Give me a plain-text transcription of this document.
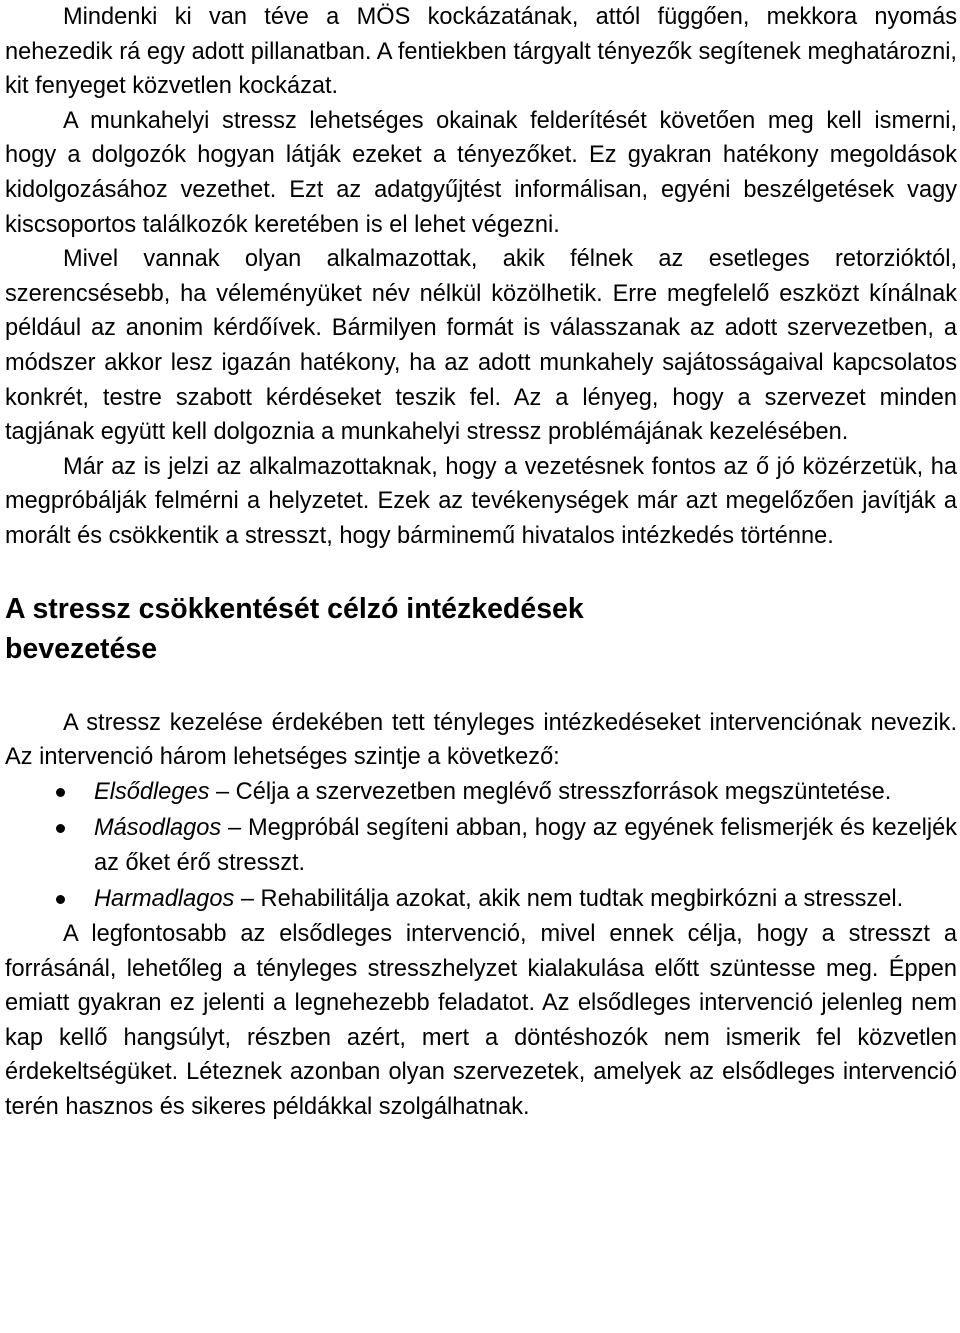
Mindenki ki van téve a MÖS kockázatának, attól függően, mekkora nyomás nehezedik rá egy adott pillanatban. A fentiekben tárgyalt tényezők segítenek meghatározni, kit fenyeget közvetlen kockázat.

A munkahelyi stressz lehetséges okainak felderítését követően meg kell ismerni, hogy a dolgozók hogyan látják ezeket a tényezőket. Ez gyakran hatékony megoldások kidolgozásához vezethet. Ezt az adatgyűjtést informálisan, egyéni beszélgetések vagy kiscsoportos találkozók keretében is el lehet végezni.

Mivel vannak olyan alkalmazottak, akik félnek az esetleges retorzióktól, szerencsésebb, ha véleményüket név nélkül közölhetik. Erre megfelelő eszközt kínálnak például az anonim kérdőívek. Bármilyen formát is válasszanak az adott szervezetben, a módszer akkor lesz igazán hatékony, ha az adott munkahely sajátosságaival kapcsolatos konkrét, testre szabott kérdéseket teszik fel. Az a lényeg, hogy a szervezet minden tagjának együtt kell dolgoznia a munkahelyi stressz problémájának kezelésében.

Már az is jelzi az alkalmazottaknak, hogy a vezetésnek fontos az ő jó közérzetük, ha megpróbálják felmérni a helyzetet. Ezek az tevékenységek már azt megelőzően javítják a morált és csökkentik a stresszt, hogy bárminemű hivatalos intézkedés történne.

A stressz csökkentését célzó intézkedések bevezetése

A stressz kezelése érdekében tett tényleges intézkedéseket intervenciónak nevezik. Az intervenció három lehetséges szintje a következő:

Elsődleges – Célja a szervezetben meglévő stresszforrások megszüntetése.
Másodlagos – Megpróbál segíteni abban, hogy az egyének felismerjék és kezeljék az őket érő stresszt.
Harmadlagos – Rehabilitálja azokat, akik nem tudtak megbirkózni a stresszel.

A legfontosabb az elsődleges intervenció, mivel ennek célja, hogy a stresszt a forrásánál, lehetőleg a tényleges stresszhelyzet kialakulása előtt szüntesse meg. Éppen emiatt gyakran ez jelenti a legnehezebb feladatot. Az elsődleges intervenció jelenleg nem kap kellő hangsúlyt, részben azért, mert a döntéshozók nem ismerik fel közvetlen érdekeltségüket. Léteznek azonban olyan szervezetek, amelyek az elsődleges intervenció terén hasznos és sikeres példákkal szolgálhatnak.
